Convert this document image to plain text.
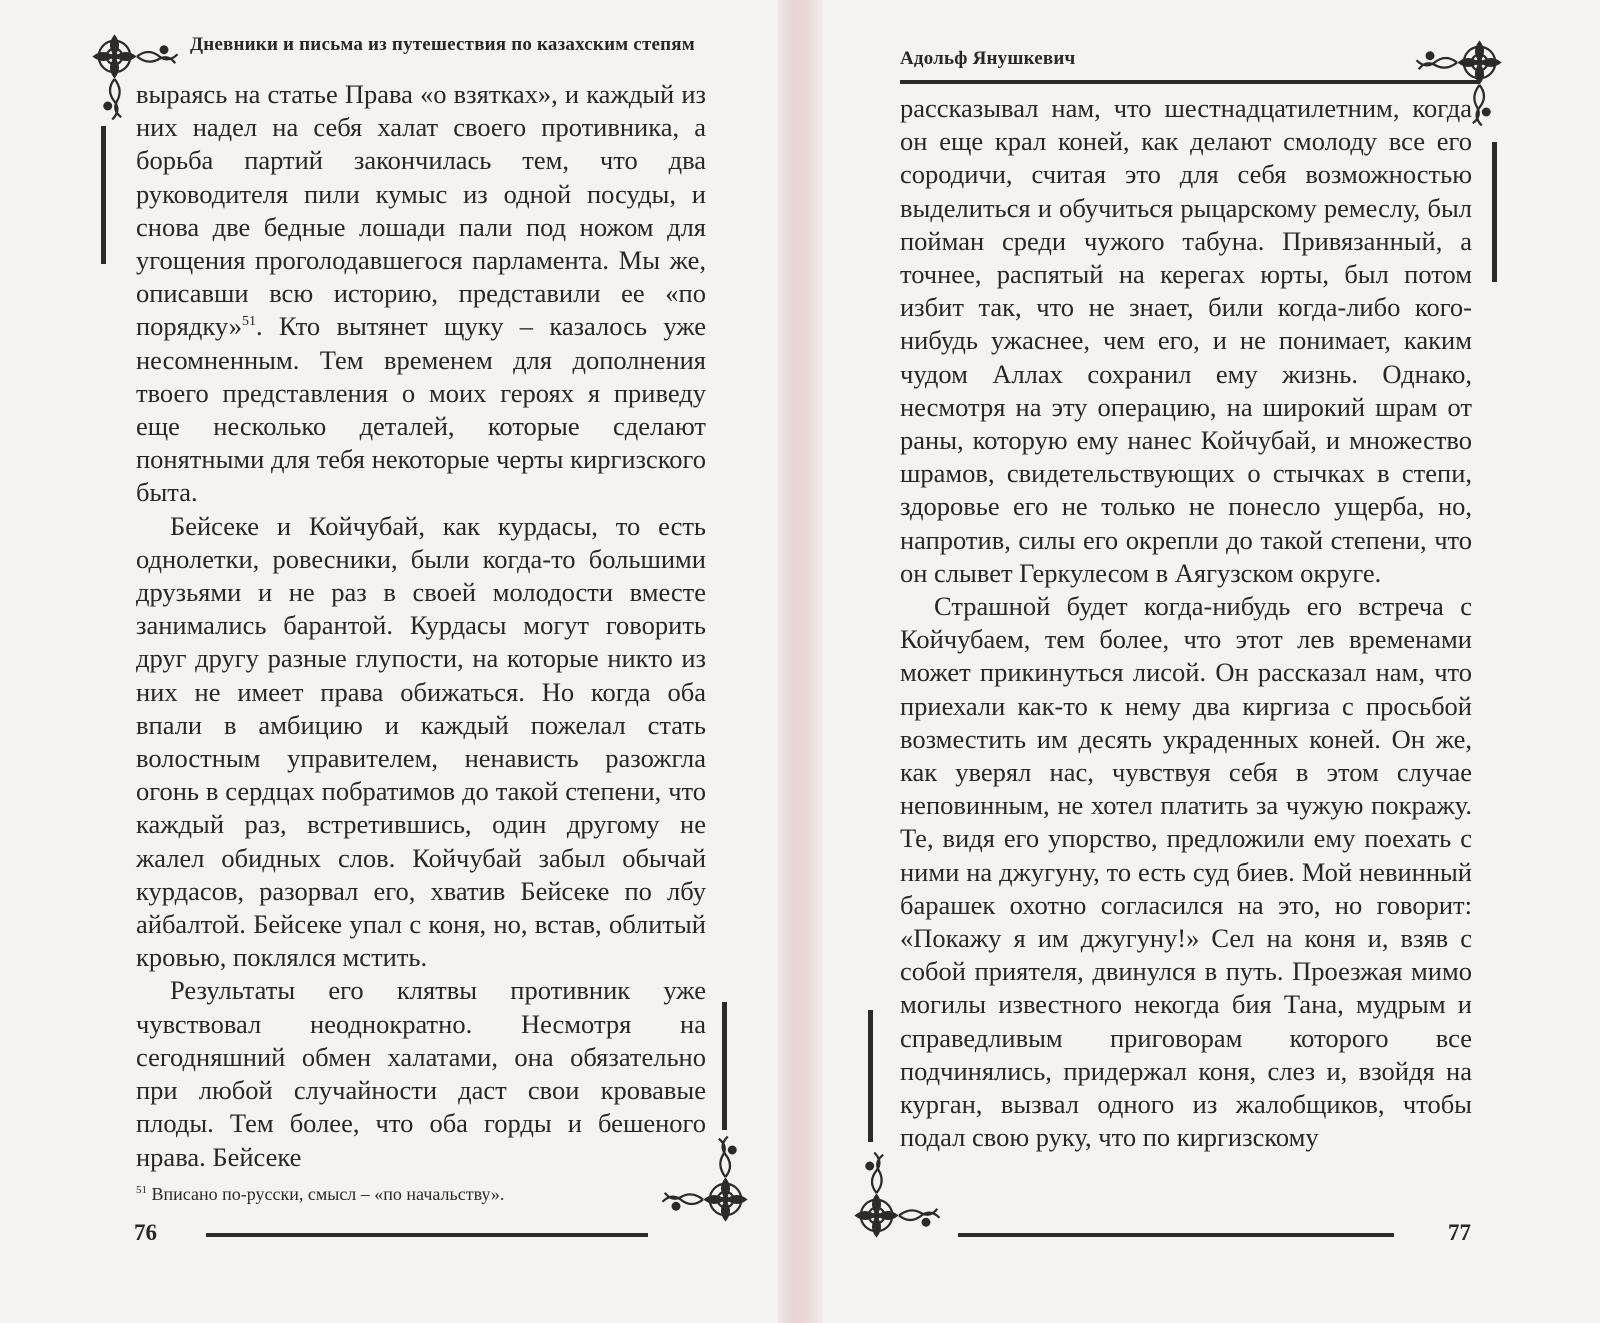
Дневники и письма из путешествия по казахским степям

выраясь на статье Права «о взятках», и каждый из них надел на себя халат своего противника, а борьба партий закончилась тем, что два руководителя пили кумыс из одной посуды, и снова две бедные лошади пали под ножом для угощения проголодавшегося парламента. Мы же, описавши всю историю, представили ее «по порядку»$^{51}$. Кто вытянет щуку – казалось уже несомненным. Тем временем для дополнения твоего представления о моих героях я приведу еще несколько деталей, которые сделают понятными для тебя некоторые черты киргизского быта.

Бейсеке и Койчубай, как курдасы, то есть однолетки, ровесники, были когда-то большими друзьями и не раз в своей молодости вместе занимались барантой. Курдасы могут говорить друг другу разные глупости, на которые никто из них не имеет права обижаться. Но когда оба впали в амбицию и каждый пожелал стать волостным управителем, ненависть разожгла огонь в сердцах побратимов до такой степени, что каждый раз, встретившись, один другому не жалел обидных слов. Койчубай забыл обычай курдасов, разорвал его, хватив Бейсеке по лбу айбалтой. Бейсеке упал с коня, но, встав, облитый кровью, поклялся мстить.

Результаты его клятвы противник уже чувствовал неоднократно. Несмотря на сегодняшний обмен халатами, она обязательно при любой случайности даст свои кровавые плоды. Тем более, что оба горды и бешеного нрава. Бейсеке

$^{51}$ Вписано по-русски, смысл – «по начальству».
76
Адольф Янушкевич

рассказывал нам, что шестнадцатилетним, когда он еще крал коней, как делают смолоду все его сородичи, считая это для себя возможностью выделиться и обучиться рыцарскому ремеслу, был пойман среди чужого табуна. Привязанный, а точнее, распятый на керегах юрты, был потом избит так, что не знает, били когда-либо кого-нибудь ужаснее, чем его, и не понимает, каким чудом Аллах сохранил ему жизнь. Однако, несмотря на эту операцию, на широкий шрам от раны, которую ему нанес Койчубай, и множество шрамов, свидетельствующих о стычках в степи, здоровье его не только не понесло ущерба, но, напротив, силы его окрепли до такой степени, что он слывет Геркулесом в Аягузском округе.

Страшной будет когда-нибудь его встреча с Койчубаем, тем более, что этот лев временами может прикинуться лисой. Он рассказал нам, что приехали как-то к нему два киргиза с просьбой возместить им десять украденных коней. Он же, как уверял нас, чувствуя себя в этом случае неповинным, не хотел платить за чужую покражу. Те, видя его упорство, предложили ему поехать с ними на джугуну, то есть суд биев. Мой невинный барашек охотно согласился на это, но говорит: «Покажу я им джугуну!» Сел на коня и, взяв с собой приятеля, двинулся в путь. Проезжая мимо могилы известного некогда бия Тана, мудрым и справедливым приговорам которого все подчинялись, придержал коня, слез и, взойдя на курган, вызвал одного из жалобщиков, чтобы подал свою руку, что по киргизскому

77
